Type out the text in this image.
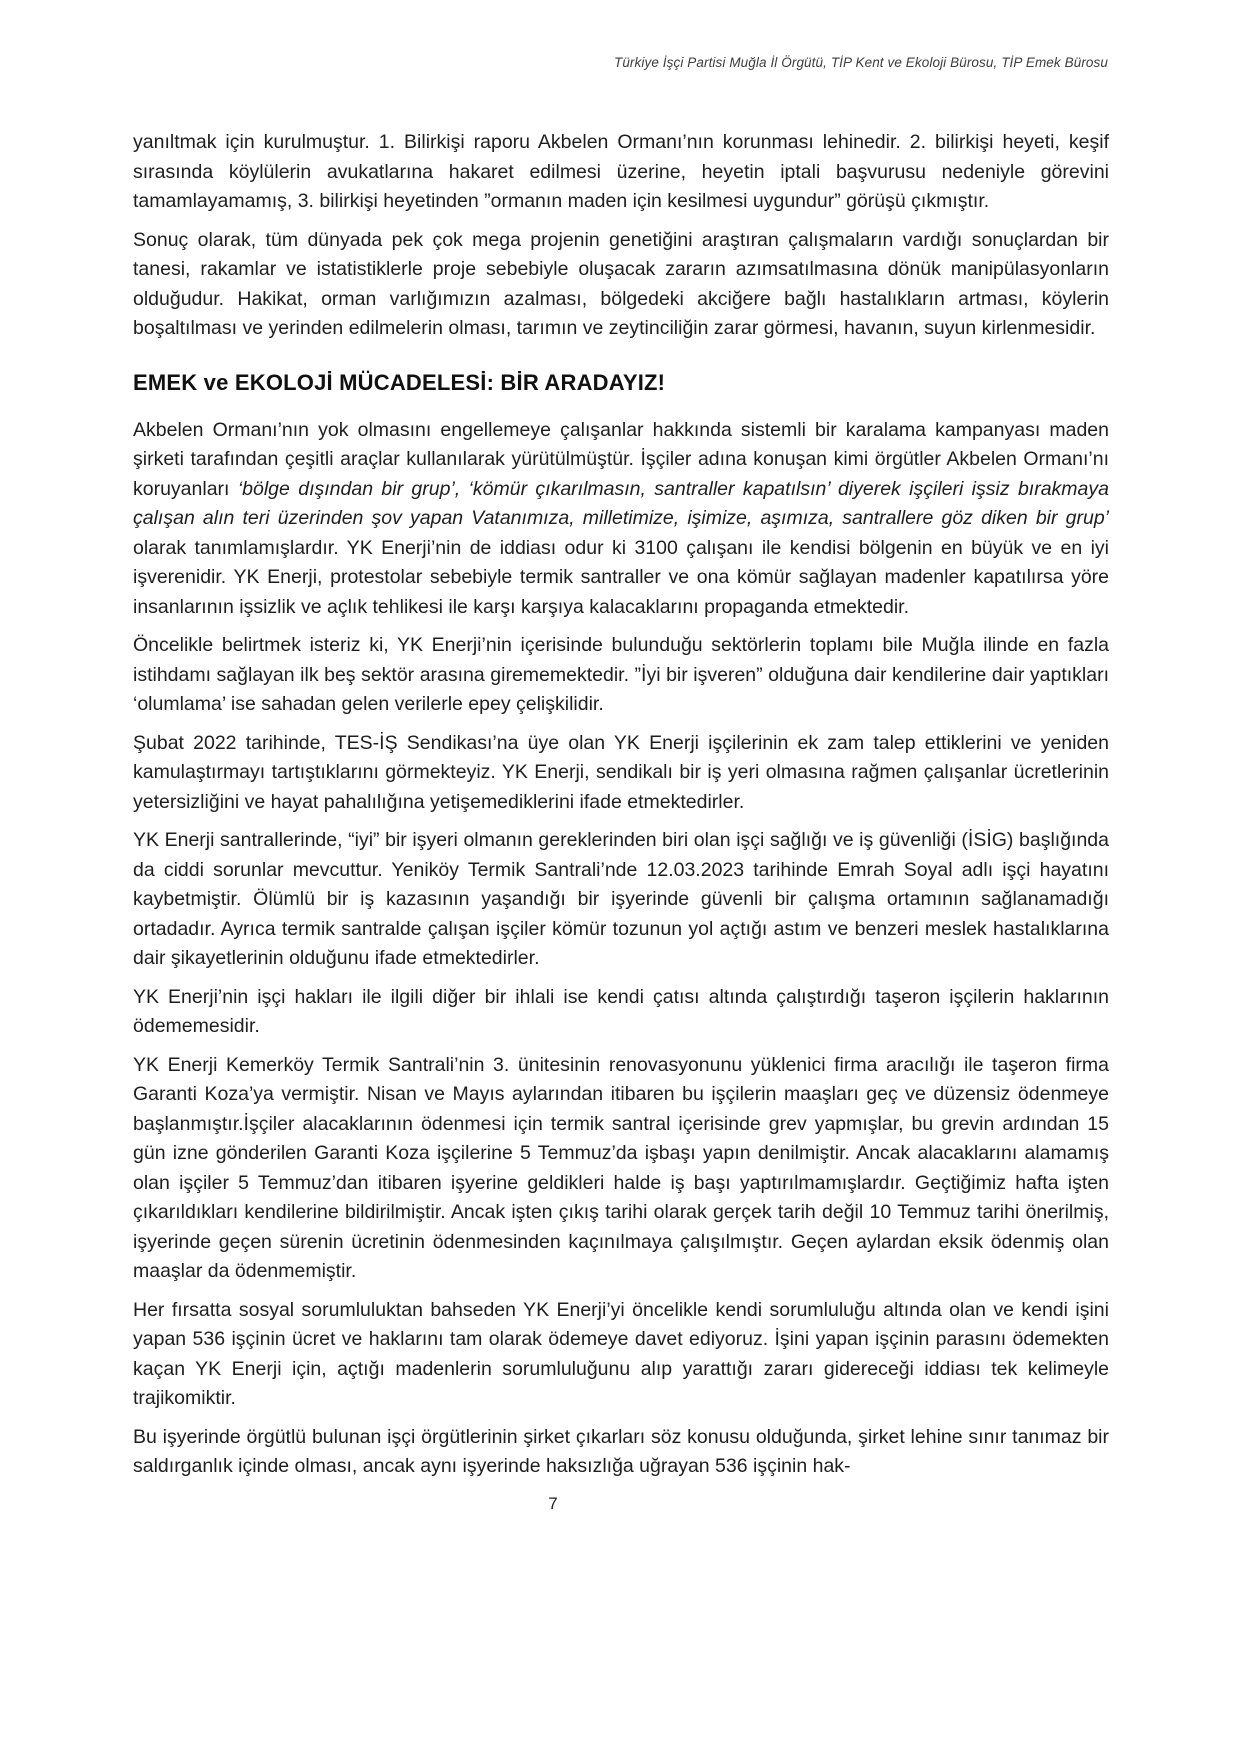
Türkiye İşçi Partisi Muğla İl Örgütü, TİP Kent ve Ekoloji Bürosu, TİP Emek Bürosu

yanıltmak için kurulmuştur. 1. Bilirkişi raporu Akbelen Ormanı’nın korunması lehinedir. 2. bilirkişi heyeti, keşif sırasında köylülerin avukatlarına hakaret edilmesi üzerine, heyetin iptali başvurusu nedeniyle görevini tamamlayamamış, 3. bilirkişi heyetinden ”ormanın maden için kesilmesi uygundur” görüşü çıkmıştır.

Sonuç olarak, tüm dünyada pek çok mega projenin genetiğini araştıran çalışmaların vardığı sonuçlardan bir tanesi, rakamlar ve istatistiklerle proje sebebiyle oluşacak zararın azımsatılmasına dönük manipülasyonların olduğudur. Hakikat, orman varlığımızın azalması, bölgedeki akciğere bağlı hastalıkların artması, köylerin boşaltılması ve yerinden edilmelerin olması, tarımın ve zeytinciliğin zarar görmesi, havanın, suyun kirlenmesidir.

EMEK ve EKOLOJİ MÜCADELESİ: BİR ARADAYIZ!

Akbelen Ormanı’nın yok olmasını engellemeye çalışanlar hakkında sistemli bir karalama kampanyası maden şirketi tarafından çeşitli araçlar kullanılarak yürütülmüştür. İşçiler adına konuşan kimi örgütler Akbelen Ormanı’nı koruyanları ‘bölge dışından bir grup’, ‘kömür çıkarılmasın, santraller kapatılsın’ diyerek işçileri işsiz bırakmaya çalışan alın teri üzerinden şov yapan Vatanımıza, milletimize, işimize, aşımıza, santrallere göz diken bir grup’ olarak tanımlamışlardır. YK Enerji’nin de iddiası odur ki 3100 çalışanı ile kendisi bölgenin en büyük ve en iyi işverenidir. YK Enerji, protestolar sebebiyle termik santraller ve ona kömür sağlayan madenler kapatılırsa yöre insanlarının işsizlik ve açlık tehlikesi ile karşı karşıya kalacaklarını propaganda etmektedir.

Öncelikle belirtmek isteriz ki, YK Enerji’nin içerisinde bulunduğu sektörlerin toplamı bile Muğla ilinde en fazla istihdamı sağlayan ilk beş sektör arasına girememektedir. ”İyi bir işveren” olduğuna dair kendilerine dair yaptıkları ‘olumlama’ ise sahadan gelen verilerle epey çelişkilidir.

Şubat 2022 tarihinde, TES-İŞ Sendikası’na üye olan YK Enerji işçilerinin ek zam talep ettiklerini ve yeniden kamulaştırmayı tartıştıklarını görmekteyiz. YK Enerji, sendikalı bir iş yeri olmasına rağmen çalışanlar ücretlerinin yetersizliğini ve hayat pahalılığına yetişemediklerini ifade etmektedirler.

YK Enerji santrallerinde, “iyi” bir işyeri olmanın gereklerinden biri olan işçi sağlığı ve iş güvenliği (İSİG) başlığında da ciddi sorunlar mevcuttur. Yeniköy Termik Santrali’nde 12.03.2023 tarihinde Emrah Soyal adlı işçi hayatını kaybetmiştir. Ölümlü bir iş kazasının yaşandığı bir işyerinde güvenli bir çalışma ortamının sağlanamadığı ortadadır. Ayrıca termik santralde çalışan işçiler kömür tozunun yol açtığı astım ve benzeri meslek hastalıklarına dair şikayetlerinin olduğunu ifade etmektedirler.

YK Enerji’nin işçi hakları ile ilgili diğer bir ihlali ise kendi çatısı altında çalıştırdığı taşeron işçilerin haklarının ödememesidir.

YK Enerji Kemerköy Termik Santrali’nin 3. ünitesinin renovasyonunu yüklenici firma aracılığı ile taşeron firma Garanti Koza’ya vermiştir. Nisan ve Mayıs aylarından itibaren bu işçilerin maaşları geç ve düzensiz ödenmeye başlanmıştır.İşçiler alacaklarının ödenmesi için termik santral içerisinde grev yapmışlar, bu grevin ardından 15 gün izne gönderilen Garanti Koza işçilerine 5 Temmuz’da işbaşı yapın denilmiştir. Ancak alacaklarını alamamış olan işçiler 5 Temmuz’dan itibaren işyerine geldikleri halde iş başı yaptırılmamışlardır. Geçtiğimiz hafta işten çıkarıldıkları kendilerine bildirilmiştir. Ancak işten çıkış tarihi olarak gerçek tarih değil 10 Temmuz tarihi önerilmiş, işyerinde geçen sürenin ücretinin ödenmesinden kaçınılmaya çalışılmıştır. Geçen aylardan eksik ödenmiş olan maaşlar da ödenmemiştir.

Her fırsatta sosyal sorumluluktan bahseden YK Enerji’yi öncelikle kendi sorumluluğu altında olan ve kendi işini yapan 536 işçinin ücret ve haklarını tam olarak ödemeye davet ediyoruz. İşini yapan işçinin parasını ödemekten kaçan YK Enerji için, açtığı madenlerin sorumluluğunu alıp yarattığı zararı gidereceği iddiası tek kelimeyle trajikomiktir.

Bu işyerinde örgütlü bulunan işçi örgütlerinin şirket çıkarları söz konusu olduğunda, şirket lehine sınır tanımaz bir saldırganlık içinde olması, ancak aynı işyerinde haksızlığa uğrayan 536 işçinin hak-

7
